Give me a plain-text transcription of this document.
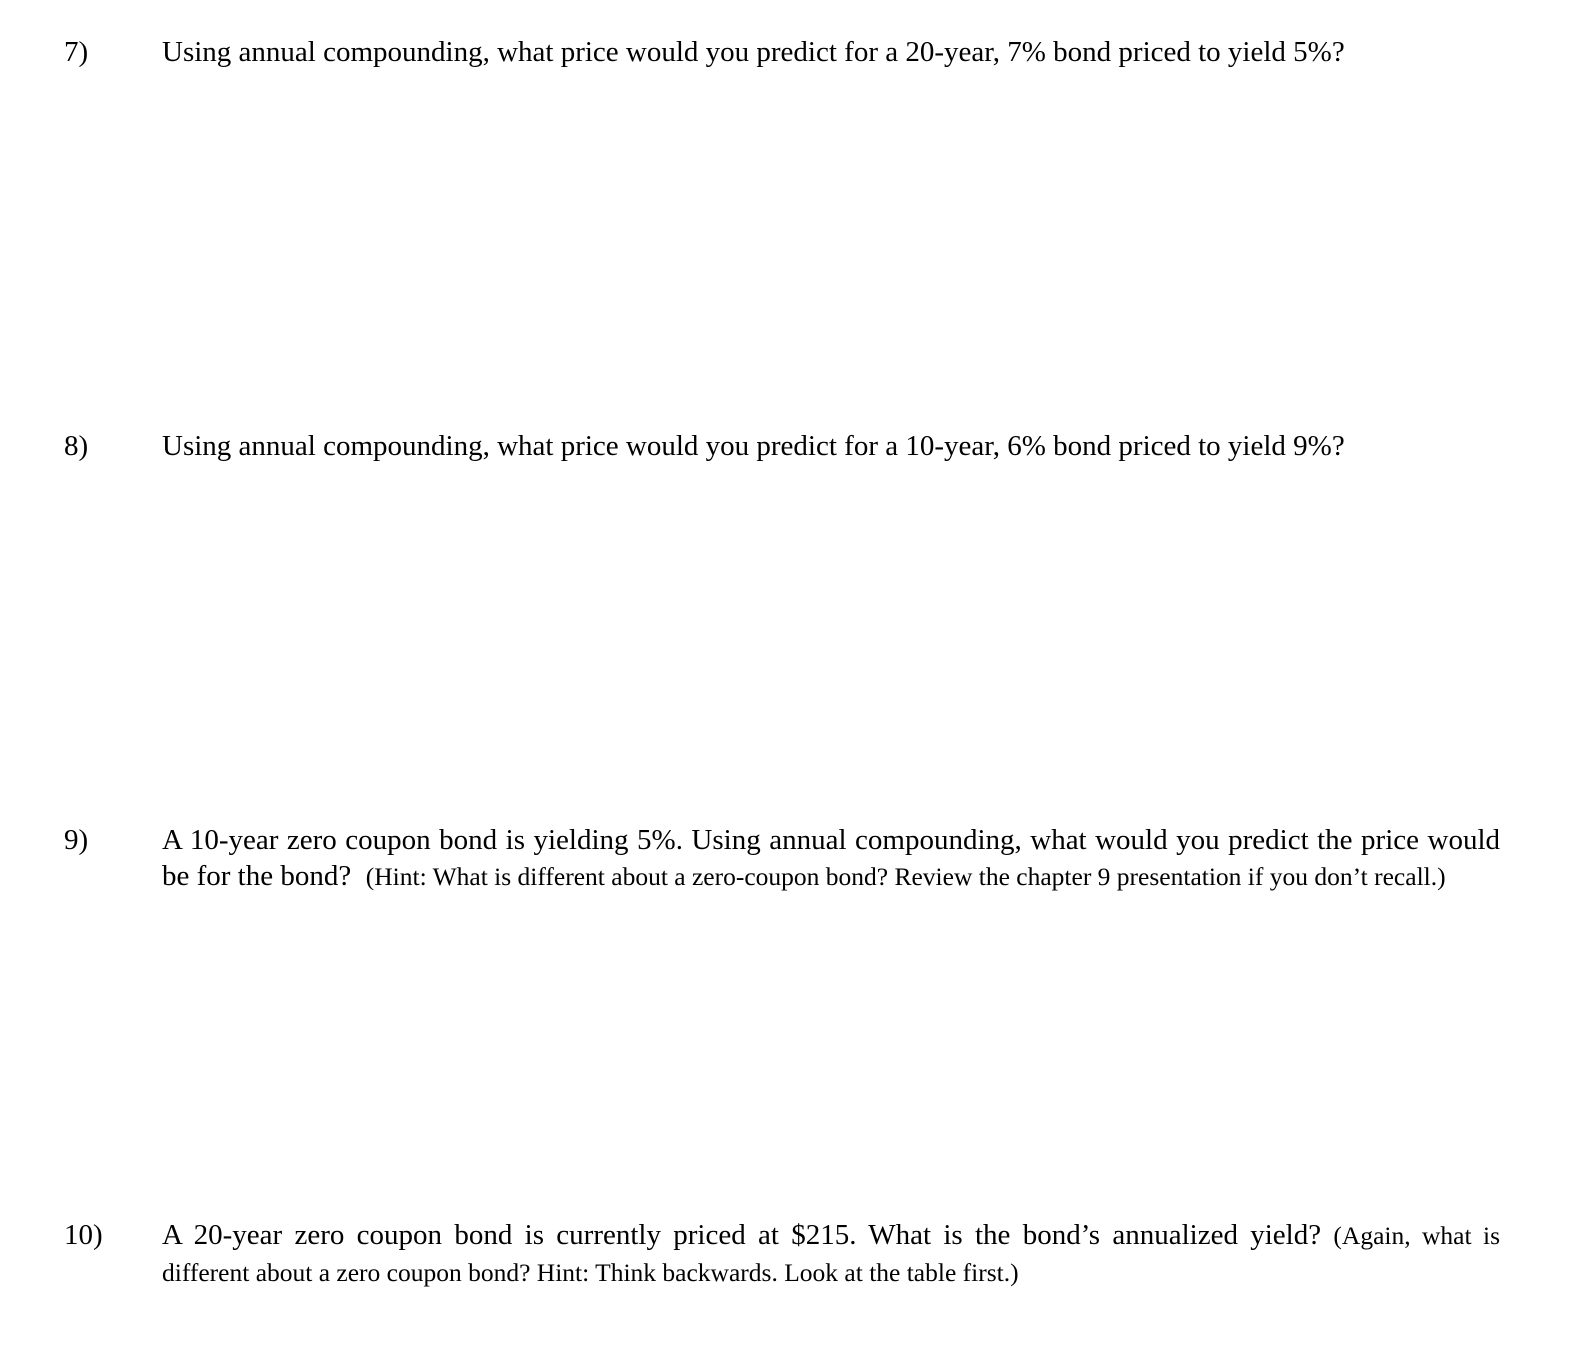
7)	Using annual compounding, what price would you predict for a 20-year, 7% bond priced to yield 5%?
8)	Using annual compounding, what price would you predict for a 10-year, 6% bond priced to yield 9%?
9)	A 10-year zero coupon bond is yielding 5%. Using annual compounding, what would you predict the price would be for the bond? (Hint: What is different about a zero-coupon bond? Review the chapter 9 presentation if you don’t recall.)
10) A 20-year zero coupon bond is currently priced at $215. What is the bond’s annualized yield? (Again, what is different about a zero coupon bond? Hint: Think backwards. Look at the table first.)
